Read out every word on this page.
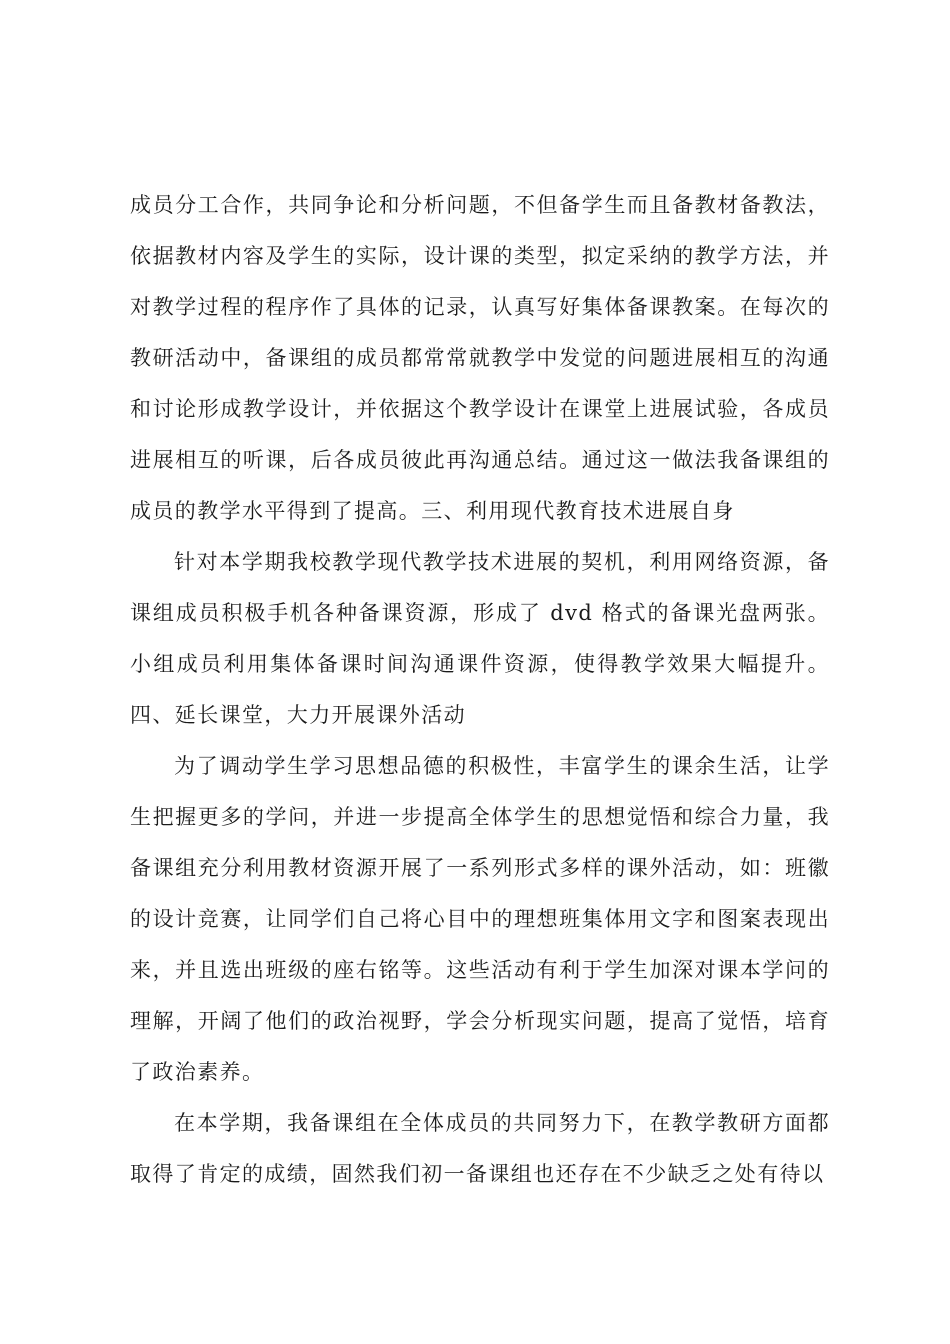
成员分工合作，共同争论和分析问题，不但备学生而且备教材备教法，依据教材内容及学生的实际，设计课的类型，拟定采纳的教学方法，并对教学过程的程序作了具体的记录，认真写好集体备课教案。在每次的教研活动中，备课组的成员都常常就教学中发觉的问题进展相互的沟通和讨论形成教学设计，并依据这个教学设计在课堂上进展试验，各成员进展相互的听课，后各成员彼此再沟通总结。通过这一做法我备课组的成员的教学水平得到了提高。三、利用现代教育技术进展自身

针对本学期我校教学现代教学技术进展的契机，利用网络资源，备课组成员积极手机各种备课资源，形成了 dvd 格式的备课光盘两张。小组成员利用集体备课时间沟通课件资源，使得教学效果大幅提升。四、延长课堂，大力开展课外活动

为了调动学生学习思想品德的积极性，丰富学生的课余生活，让学生把握更多的学问，并进一步提高全体学生的思想觉悟和综合力量，我备课组充分利用教材资源开展了一系列形式多样的课外活动，如：班徽的设计竞赛，让同学们自己将心目中的理想班集体用文字和图案表现出来，并且选出班级的座右铭等。这些活动有利于学生加深对课本学问的理解，开阔了他们的政治视野，学会分析现实问题，提高了觉悟，培育了政治素养。

在本学期，我备课组在全体成员的共同努力下，在教学教研方面都取得了肯定的成绩，固然我们初一备课组也还存在不少缺乏之处有待以
